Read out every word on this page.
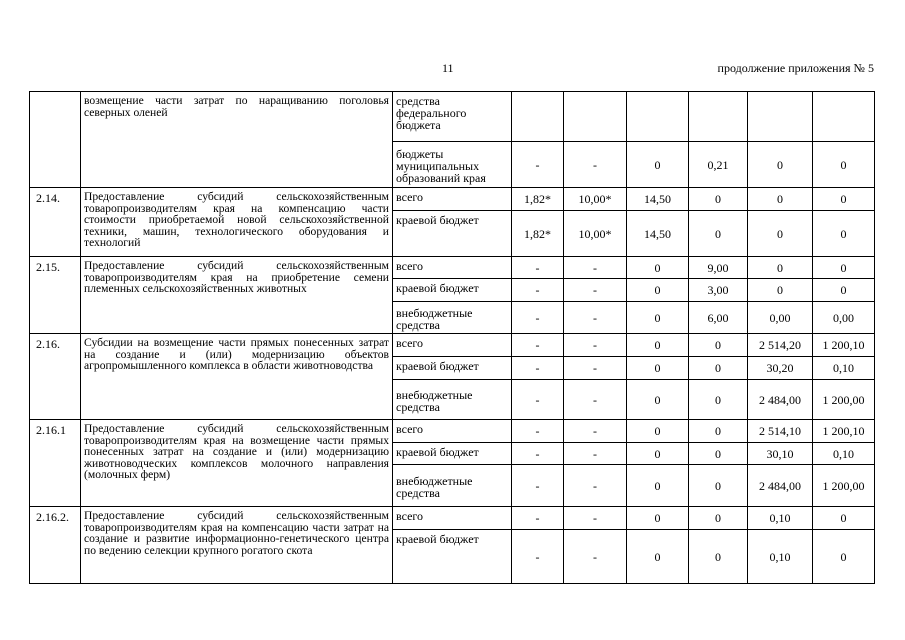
11	продолжение приложения № 5
	возмещение части затрат по наращиванию поголовья северных оленей	средства федерального бюджета						
		бюджеты муниципальных образований края	-	-	0	0,21	0	0
2.14.	Предоставление субсидий сельскохозяйственным товаропроизводителям края на компенсацию части стоимости приобретаемой новой сельскохозяйственной техники, машин, технологического оборудования и технологий	всего	1,82*	10,00*	14,50	0	0	0
		краевой бюджет	1,82*	10,00*	14,50	0	0	0
2.15.	Предоставление субсидий сельскохозяйственным товаропроизводителям края на приобретение семени племенных сельскохозяйственных животных	всего	-	-	0	9,00	0	0
		краевой бюджет	-	-	0	3,00	0	0
		внебюджетные средства	-	-	0	6,00	0,00	0,00
2.16.	Субсидии на возмещение части прямых понесенных затрат на создание и (или) модернизацию объектов агропромышленного комплекса в области животноводства	всего	-	-	0	0	2 514,20	1 200,10
		краевой бюджет	-	-	0	0	30,20	0,10
		внебюджетные средства	-	-	0	0	2 484,00	1 200,00
2.16.1	Предоставление субсидий сельскохозяйственным товаропроизводителям края на возмещение части прямых понесенных затрат на создание и (или) модернизацию животноводческих комплексов молочного направления (молочных ферм)	всего	-	-	0	0	2 514,10	1 200,10
		краевой бюджет	-	-	0	0	30,10	0,10
		внебюджетные средства	-	-	0	0	2 484,00	1 200,00
2.16.2.	Предоставление субсидий сельскохозяйственным товаропроизводителям края на компенсацию части затрат на создание и развитие информационно-генетического центра по ведению селекции крупного рогатого скота	всего	-	-	0	0	0,10	0
		краевой бюджет	-	-	0	0	0,10	0
